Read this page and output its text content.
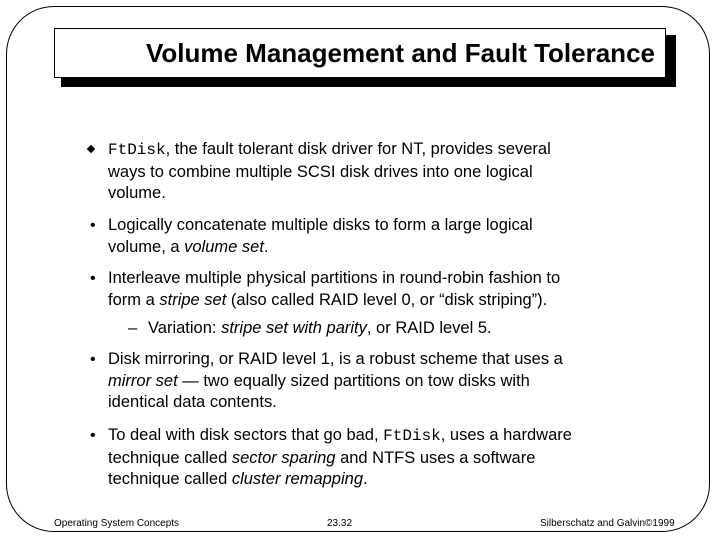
Volume Management and Fault Tolerance
FtDisk, the fault tolerant disk driver for NT, provides several
ways to combine multiple SCSI disk drives into one logical
volume.
• Logically concatenate multiple disks to form a large logical
volume, a volume set.
• Interleave multiple physical partitions in round-robin fashion to
form a stripe set (also called RAID level 0, or “disk striping”).
– Variation: stripe set with parity, or RAID level 5.
• Disk mirroring, or RAID level 1, is a robust scheme that uses a
mirror set — two equally sized partitions on tow disks with
identical data contents.
• To deal with disk sectors that go bad, FtDisk, uses a hardware
technique called sector sparing and NTFS uses a software
technique called cluster remapping.
Operating System Concepts	23.32	Silberschatz and Galvin©1999
